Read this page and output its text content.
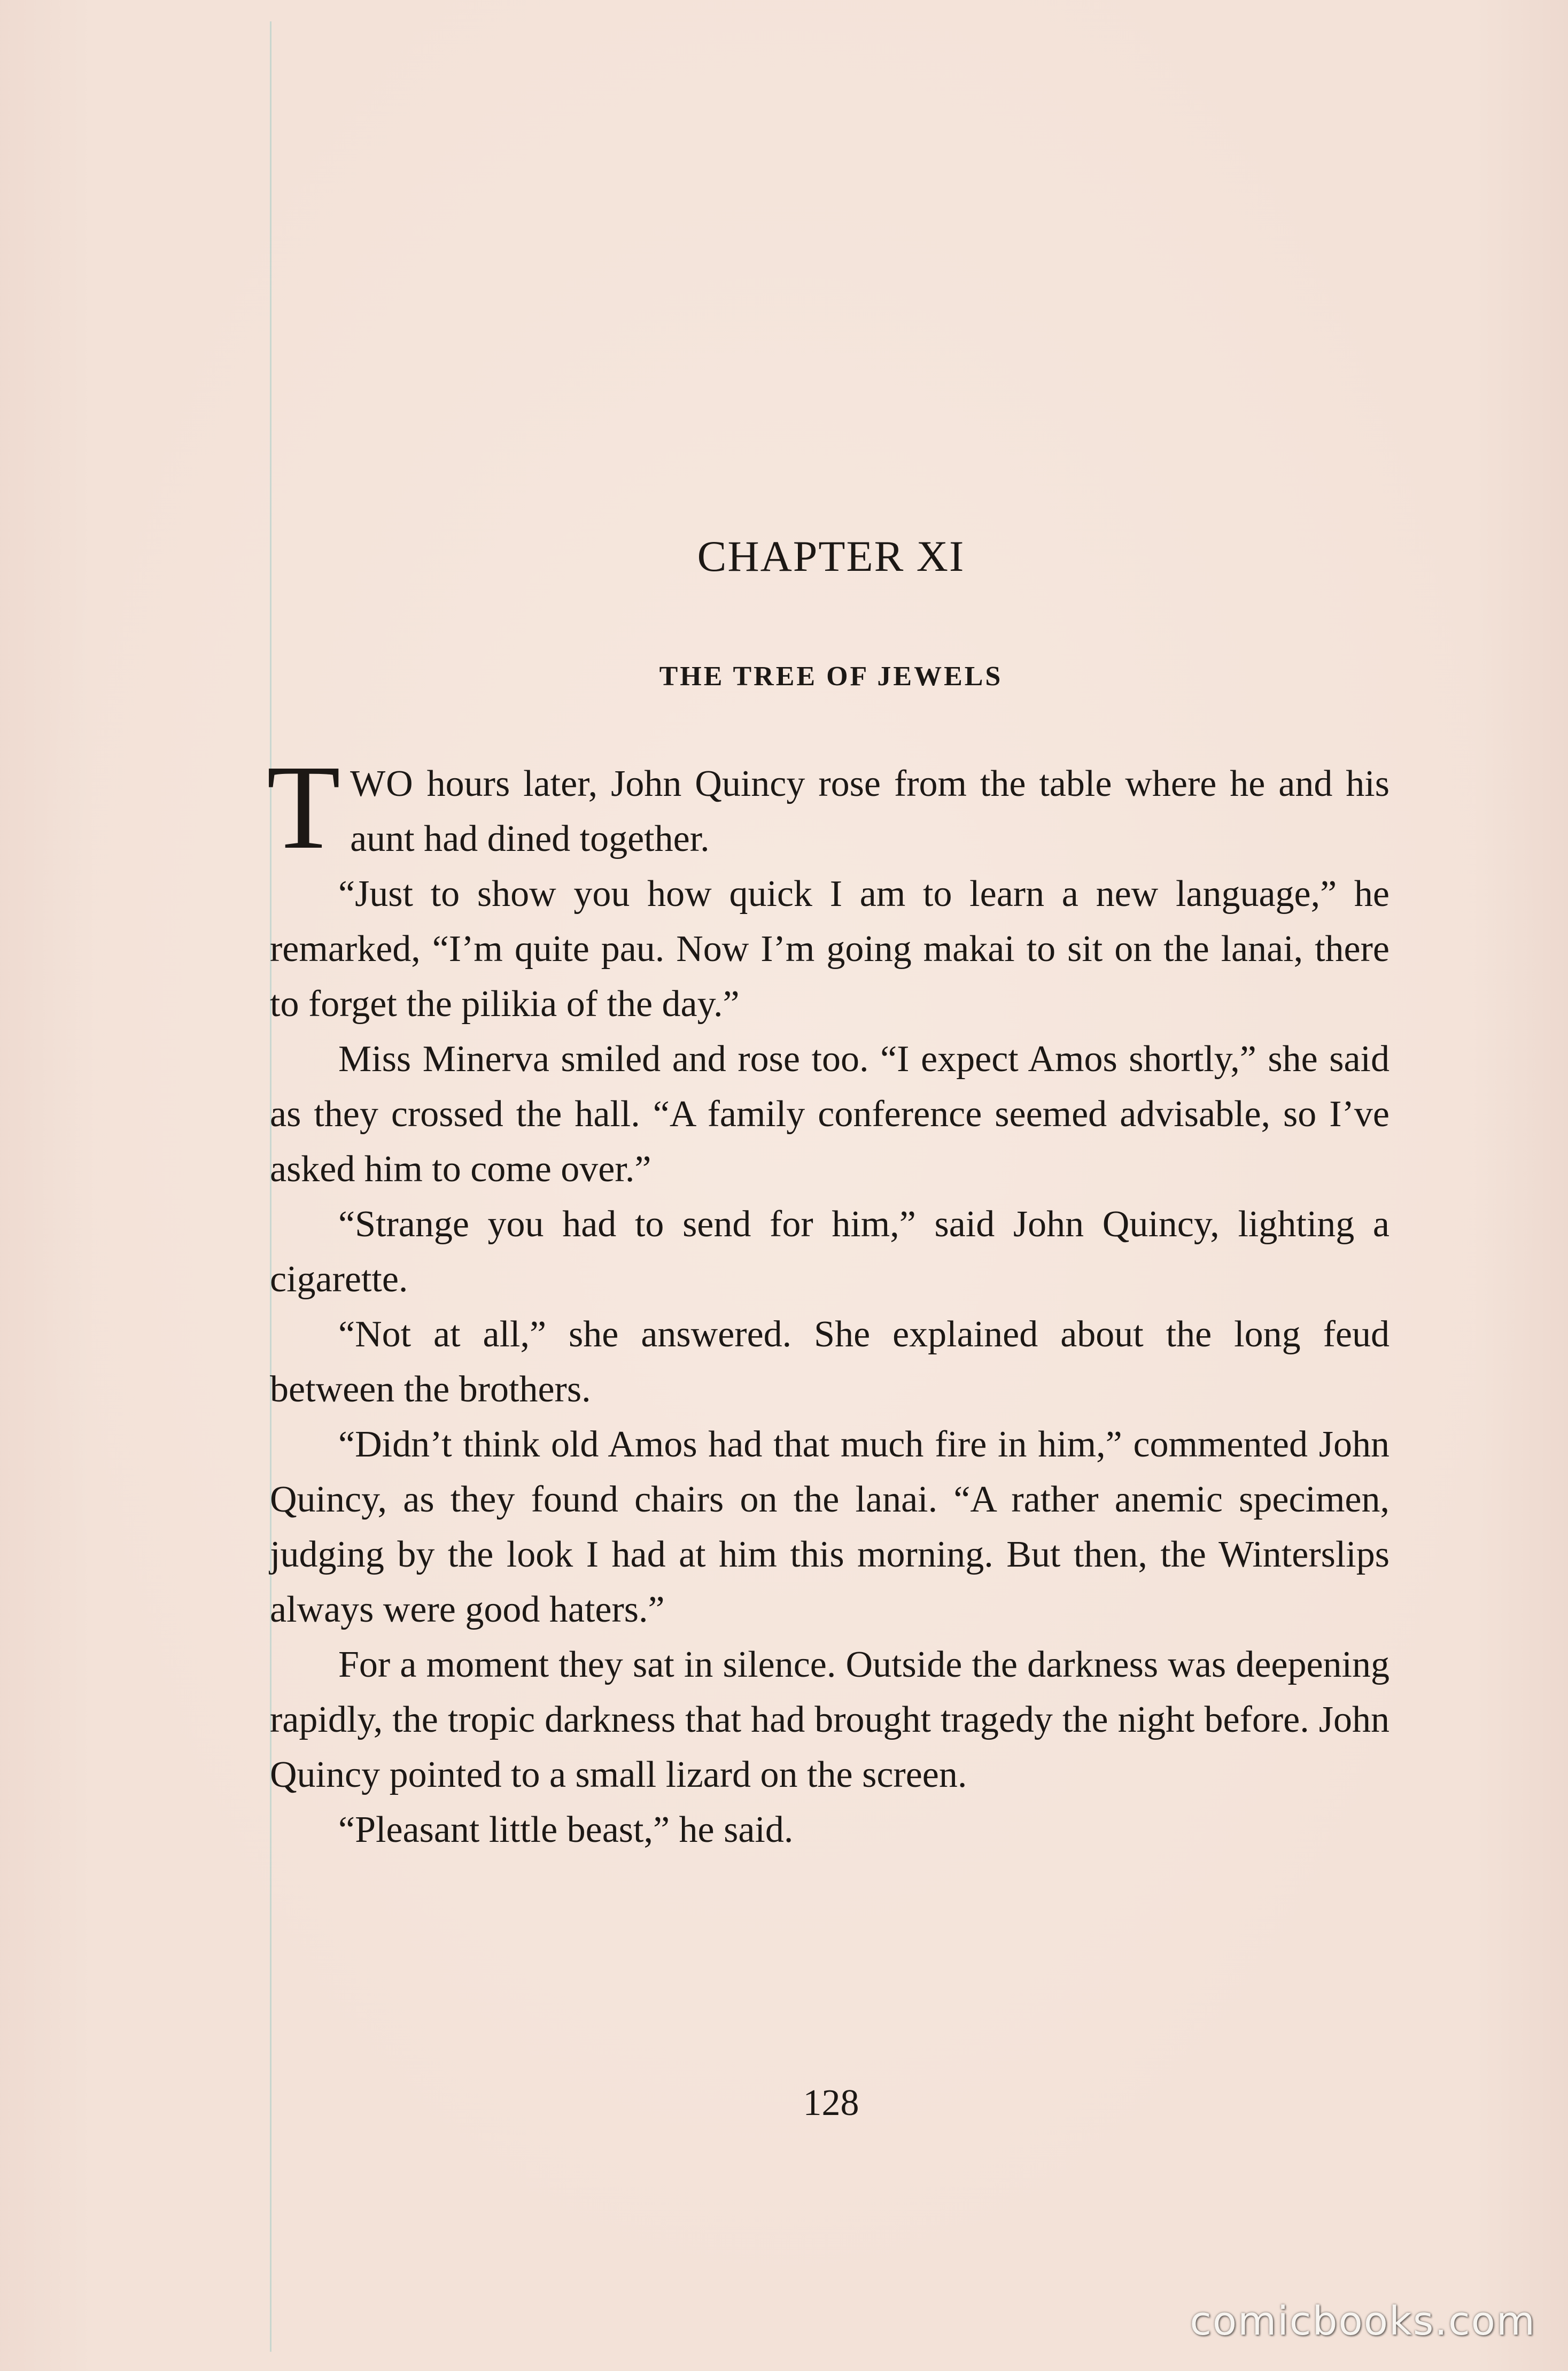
CHAPTER XI
THE TREE OF JEWELS

TWO hours later, John Quincy rose from the table where he and his aunt had dined together.

“Just to show you how quick I am to learn a new language,” he remarked, “I’m quite pau. Now I’m going makai to sit on the lanai, there to forget the pilikia of the day.”

Miss Minerva smiled and rose too. “I expect Amos shortly,” she said as they crossed the hall. “A family conference seemed advisable, so I’ve asked him to come over.”

“Strange you had to send for him,” said John Quincy, lighting a cigarette.

“Not at all,” she answered. She explained about the long feud between the brothers.

“Didn’t think old Amos had that much fire in him,” commented John Quincy, as they found chairs on the lanai. “A rather anemic specimen, judging by the look I had at him this morning. But then, the Winterslips always were good haters.”

For a moment they sat in silence. Outside the darkness was deepening rapidly, the tropic darkness that had brought tragedy the night before. John Quincy pointed to a small lizard on the screen.

“Pleasant little beast,” he said.

128
comicbooks.com
